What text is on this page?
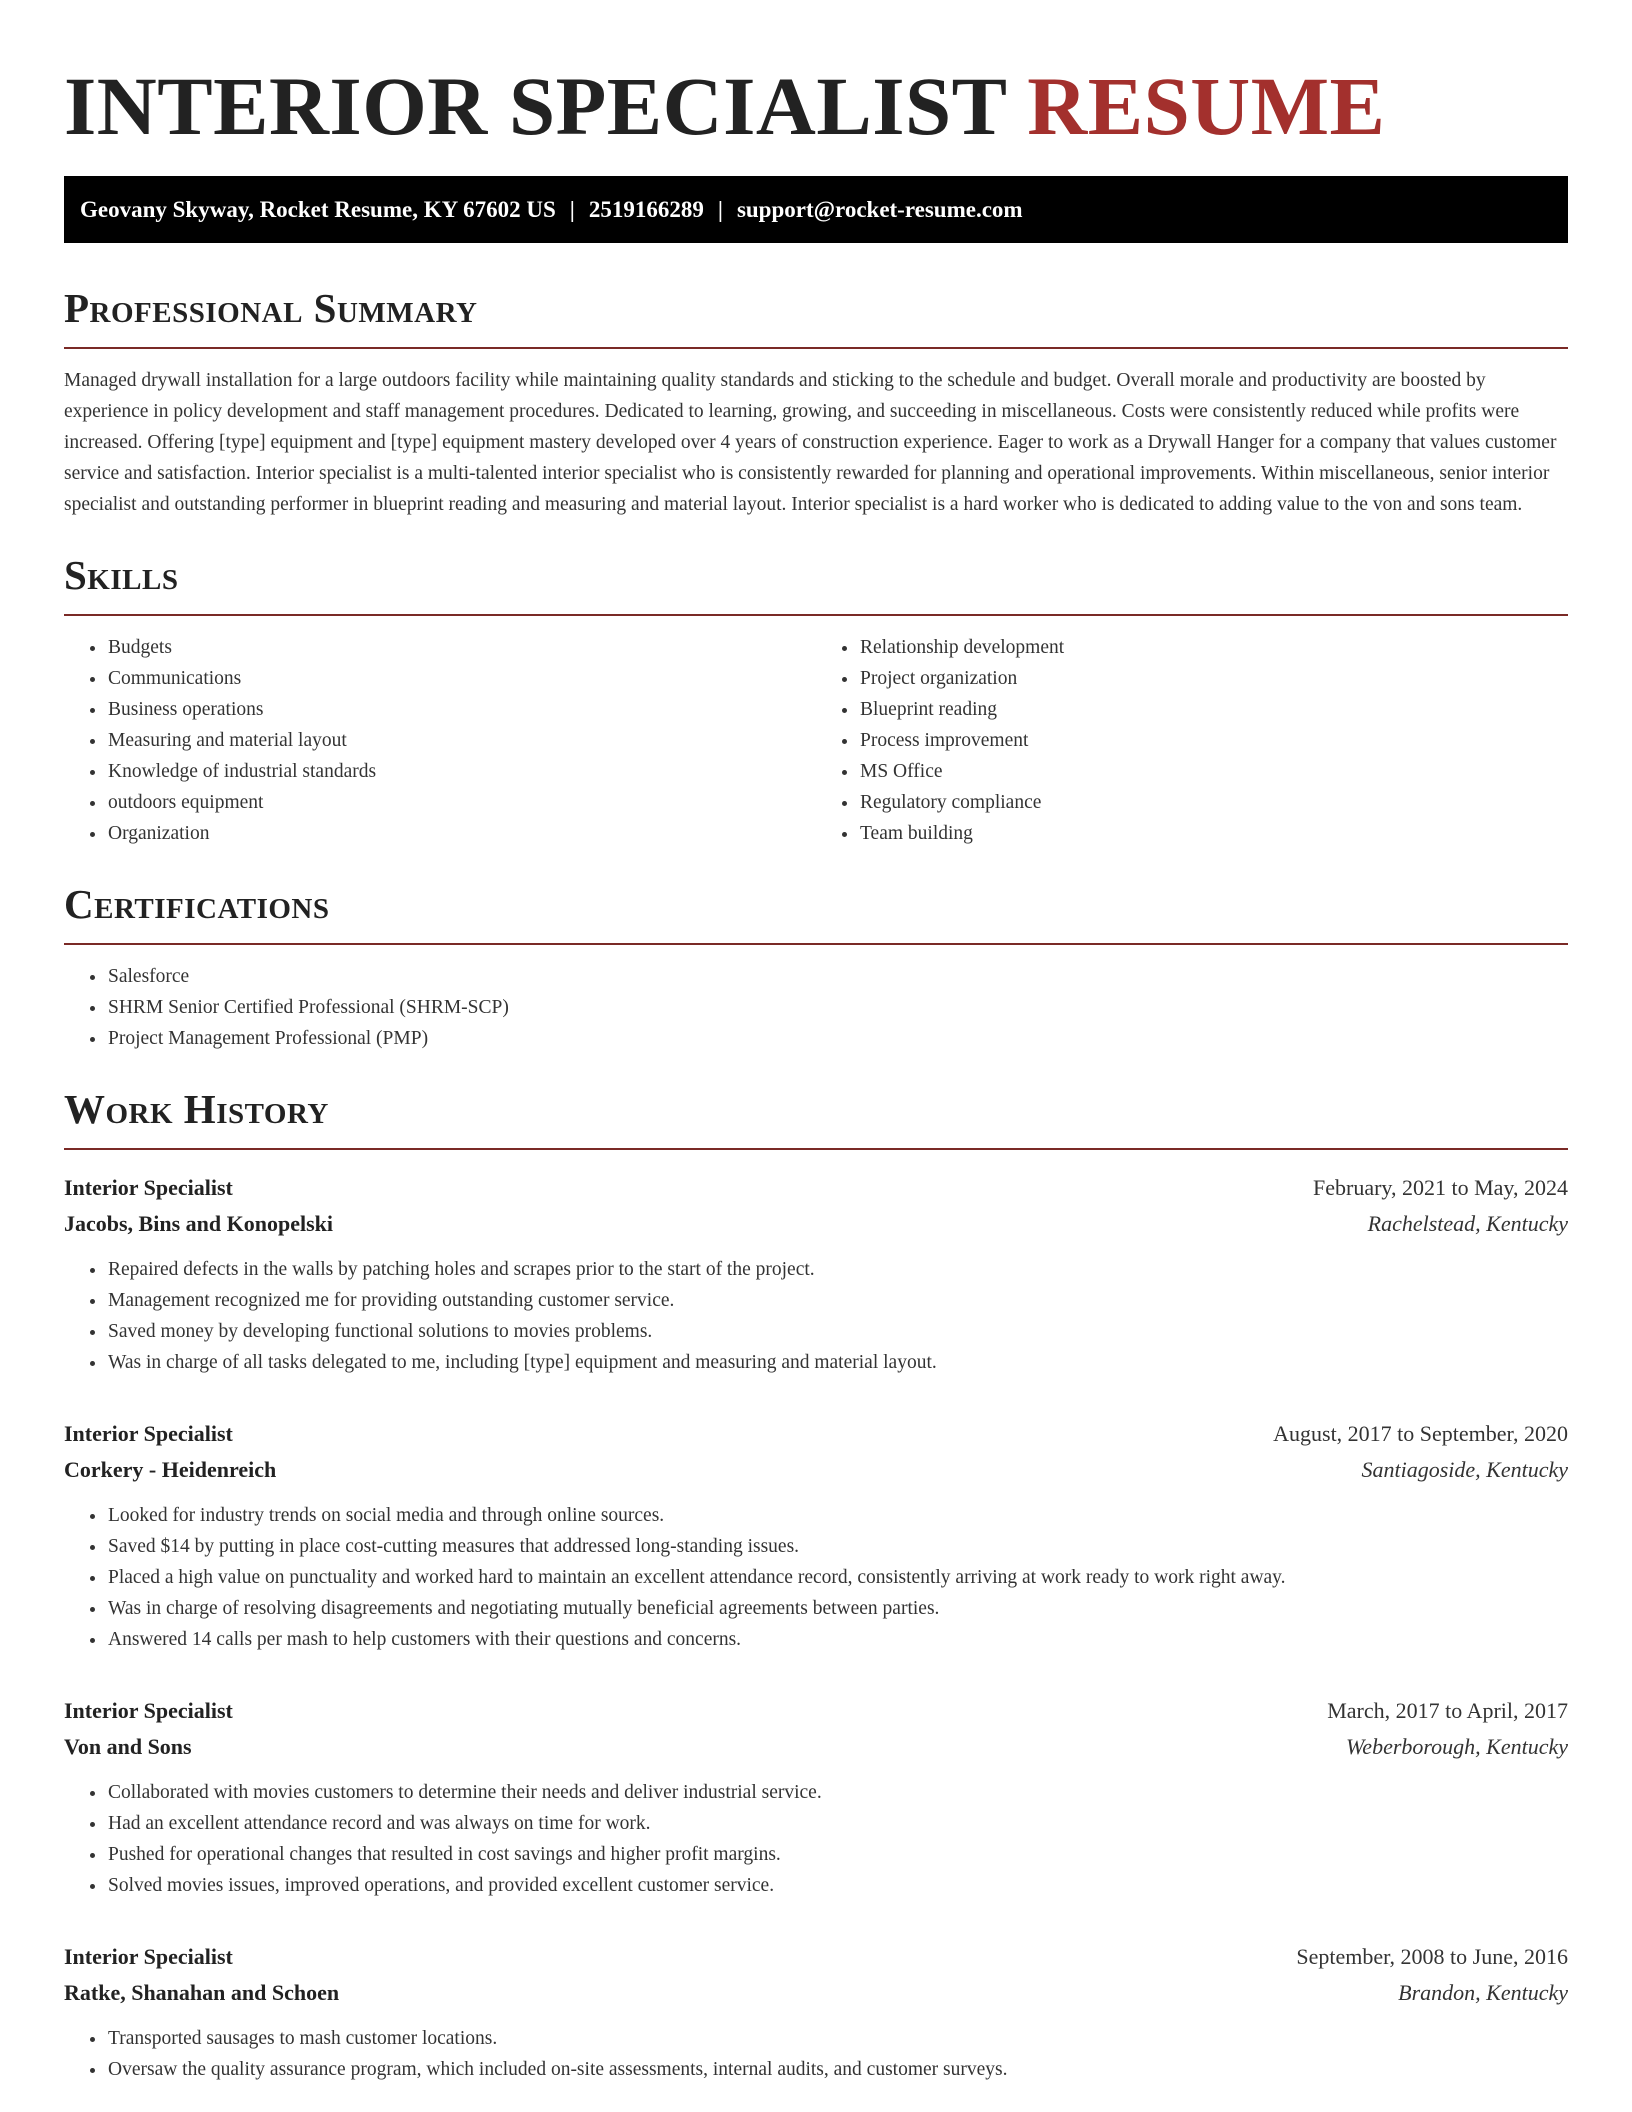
INTERIOR SPECIALIST RESUME
Geovany Skyway, Rocket Resume, KY 67602 US | 2519166289 | support@rocket-resume.com
Professional Summary

Managed drywall installation for a large outdoors facility while maintaining quality standards and sticking to the schedule and budget. Overall morale and productivity are boosted by experience in policy development and staff management procedures. Dedicated to learning, growing, and succeeding in miscellaneous. Costs were consistently reduced while profits were increased. Offering [type] equipment and [type] equipment mastery developed over 4 years of construction experience. Eager to work as a Drywall Hanger for a company that values customer service and satisfaction. Interior specialist is a multi-talented interior specialist who is consistently rewarded for planning and operational improvements. Within miscellaneous, senior interior specialist and outstanding performer in blueprint reading and measuring and material layout. Interior specialist is a hard worker who is dedicated to adding value to the von and sons team.

Skills
• Budgets
• Communications
• Business operations
• Measuring and material layout
• Knowledge of industrial standards
• outdoors equipment
• Organization
• Relationship development
• Project organization
• Blueprint reading
• Process improvement
• MS Office
• Regulatory compliance
• Team building
Certifications
• Salesforce
• SHRM Senior Certified Professional (SHRM-SCP)
• Project Management Professional (PMP)
Work History
Interior Specialist	February, 2021 to May, 2024
Jacobs, Bins and Konopelski	Rachelstead, Kentucky
• Repaired defects in the walls by patching holes and scrapes prior to the start of the project.
• Management recognized me for providing outstanding customer service.
• Saved money by developing functional solutions to movies problems.
• Was in charge of all tasks delegated to me, including [type] equipment and measuring and material layout.
Interior Specialist	August, 2017 to September, 2020
Corkery - Heidenreich	Santiagoside, Kentucky
• Looked for industry trends on social media and through online sources.
• Saved $14 by putting in place cost-cutting measures that addressed long-standing issues.
• Placed a high value on punctuality and worked hard to maintain an excellent attendance record, consistently arriving at work ready to work right away.
• Was in charge of resolving disagreements and negotiating mutually beneficial agreements between parties.
• Answered 14 calls per mash to help customers with their questions and concerns.
Interior Specialist	March, 2017 to April, 2017
Von and Sons	Weberborough, Kentucky
• Collaborated with movies customers to determine their needs and deliver industrial service.
• Had an excellent attendance record and was always on time for work.
• Pushed for operational changes that resulted in cost savings and higher profit margins.
• Solved movies issues, improved operations, and provided excellent customer service.
Interior Specialist	September, 2008 to June, 2016
Ratke, Shanahan and Schoen	Brandon, Kentucky
• Transported sausages to mash customer locations.
• Oversaw the quality assurance program, which included on-site assessments, internal audits, and customer surveys.
